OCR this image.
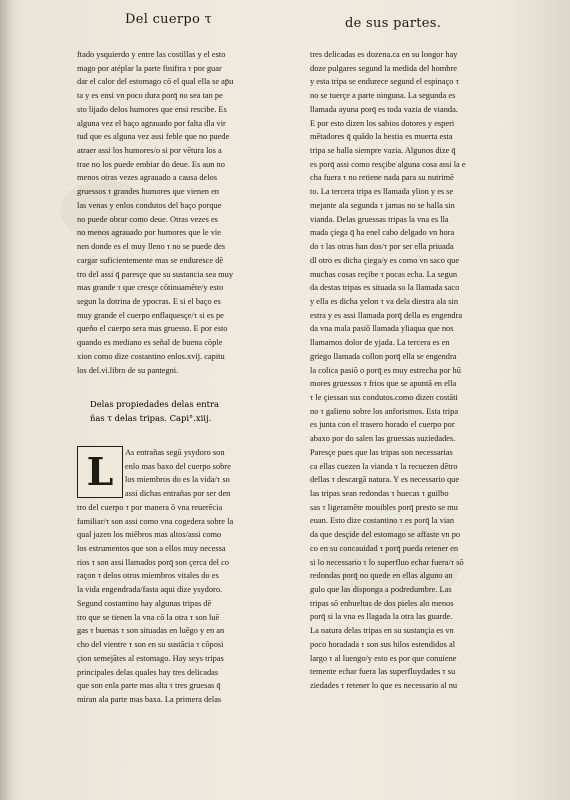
Del cuerpo τ	de sus partes.
ftado ysquierdo y entre las costillas y el esto
mago por atéplar la parte finiftra τ por guar
dar el calor del estomago cō el qual ella se ap̄u
ta y es ensi vn poco dura porq̄ no sea tan pe
sto lijado delos humores que ensi rescibe. Es
alguna vez el baço agrauado por falta dla vir
tud que es alguna vez assi feble que no puede
atraer assi los humores/o si por vētura los a
trae no los puede embiar do deue. Es aun no
menos otras vezes agrauado a causa delos
gruessos τ grandes humores que vienen en
las venas y enlos condutos del baço porque
no puede obrar como deue. Otras vezes es
no menos agrauado por humores que le vie
nen donde es el muy lleno τ no se puede des
cargar suficientemente mas se enduresce dē
tro del assi q̄ paresçe que su sustancia sea muy
mas grande τ que cresçe cōtinuamēte/y esto
segun la dotrina de ypocras. E si el baço es
muy grande el cuerpo enflaquesçe/τ si es pe
queño el cuerpo sera mas gruesso. E por esto
quando es mediano es señal de buena cōple
xion como dize costantino enlos.xvij. capitu
los del.vi.libro de su pantegni.
Delas propiedades delas entra
ñas τ delas tripas. Capi°.xiij.
L	As entrañas segū ysydoro son
enlo mas baxo del cuerpo sobre
los miembros do es la vida/τ so
assi dichas entrañas por ser den
tro del cuerpo τ por manera ō vna reuerēcia
familiar/τ son assi como vna cogedera sobre la
qual jazen los miēbros mas altos/assi como
los estrumentos que son a ellos muy necessa
rios τ son assi llamados porq̄ son çerca del co
raçon τ delos otros miembros vitales do es
la vida engendrada/fasta aqui dize ysydoro.
Segund costantino hay algunas tripas dē
tro que se tienen la vna cō la otra τ son luē
gas τ buenas τ son situadas en luēgo y en an
cho del vientre τ son en su sustācia τ cōposi
çion semejātes al estomago. Hay seys tripas
principales delas quales hay tres delicadas
que son enla parte mas alta τ tres gruesas q̄
miran ala parte mas baxa. La primera delas
tres delicadas es dozena.ca en su longor hay
doze pulgares segund la medida del hombre
y esta tripa se endurece segund el espinaço τ
no se tuerçe a parte ninguna. La segunda es
llamada ayuna porq̄ es toda vazia de vianda.
E por esto dizen los sabios dotores y esperi
mētadores q̄ quādo la bestia es muerta esta
tripa se halla siempre vazia. Algunos dize q̄
es porq̄ assi como resçibe alguna cosa assi la e
cha fuera τ no retiene nada para su nutrimē
to. La tercera tripa es llamada ylion y es se
mejante ala segunda τ jamas no se halla sin
vianda. Delas gruessas tripas la vna es lla
mada çiega q̄ ha enel cabo delgado vn hora
do τ las otras han dos/τ por ser ella priuada
dl otro es dicha çiega/y es como vn saco que
muchas cosas reçibe τ pocas echa. La segun
da destas tripas es situada so la llamada saco
y ella es dicha yelon τ va dela diestra ala sin
estra y es assi llamada porq̄ della es engendra
da vna mala pasiō llamada yliaqua que nos
llamamos dolor de yjada. La tercera es en
griego llamada collon porq̄ ella se engendra
la colica pasiō o porq̄ es muy estrecha por hū
mores gruessos τ frios que se apuntā en ella
τ le çiessan sus condutos.como dizen costāti
no τ galieno sobre los anforismos. Esta tripa
es junta con el trasero horado el cuerpo por
abaxo por do salen las gruessas suziedades.
Paresçe pues que las tripas son necessarias
ca ellas cuezen la vianda τ la recuezen dētro
dellas τ descargā natura. Y es necessario que
las tripas sean redondas τ huecas τ guilbo
sas τ ligeramēte mouibles porq̄ presto se mu
euan. Esto dize costantino τ es porq̄ la vian
da que desçide del estomago se affaste vn po
co en su concauidad τ porq̄ pueda retener en
si lo necessario τ lo superfluo echar fuera/τ sō
redondas porq̄ no quede en ellas alguno an
gulo que las disponga a podredumbre. Las
tripas sō enbueltas de dos pieles alo menos
porq̄ si la vna es llagada la otra las guarde.
La natura delas tripas en su sustançia es vn
poco horadada τ son sus hilos estendidos al
largo τ al luengo/y esto es por que conuiene
temente echar fuera las superfluydades τ su
ziedades τ retener lo que es necessario al nu
